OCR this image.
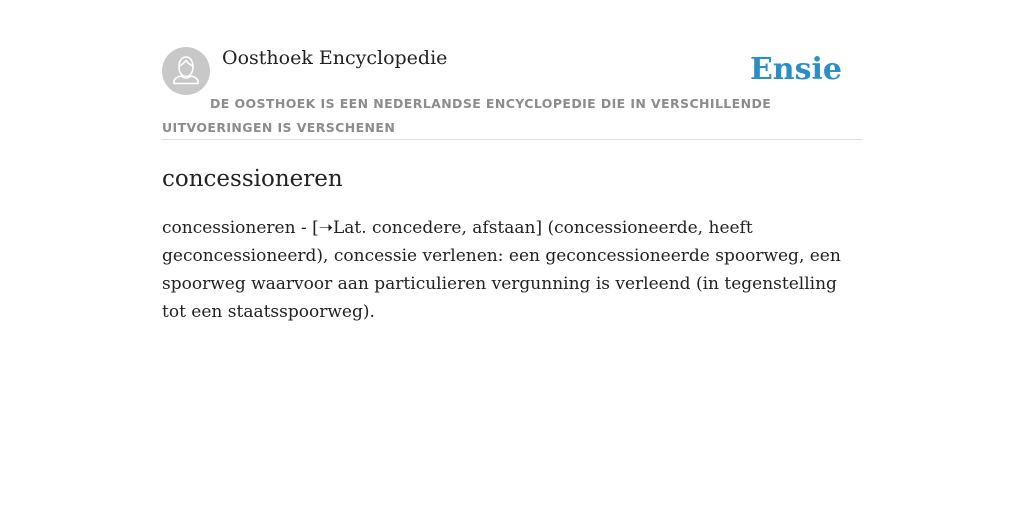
Oosthoek Encyclopedie	Ensie
DE OOSTHOEK IS EEN NEDERLANDSE ENCYCLOPEDIE DIE IN VERSCHILLENDE UITVOERINGEN IS VERSCHENEN
concessioneren

concessioneren - [➝Lat. concedere, afstaan] (concessioneerde, heeft geconcessioneerd), concessie verlenen: een geconcessioneerde spoorweg, een spoorweg waarvoor aan particulieren vergunning is verleend (in tegenstelling tot een staatsspoorweg).
